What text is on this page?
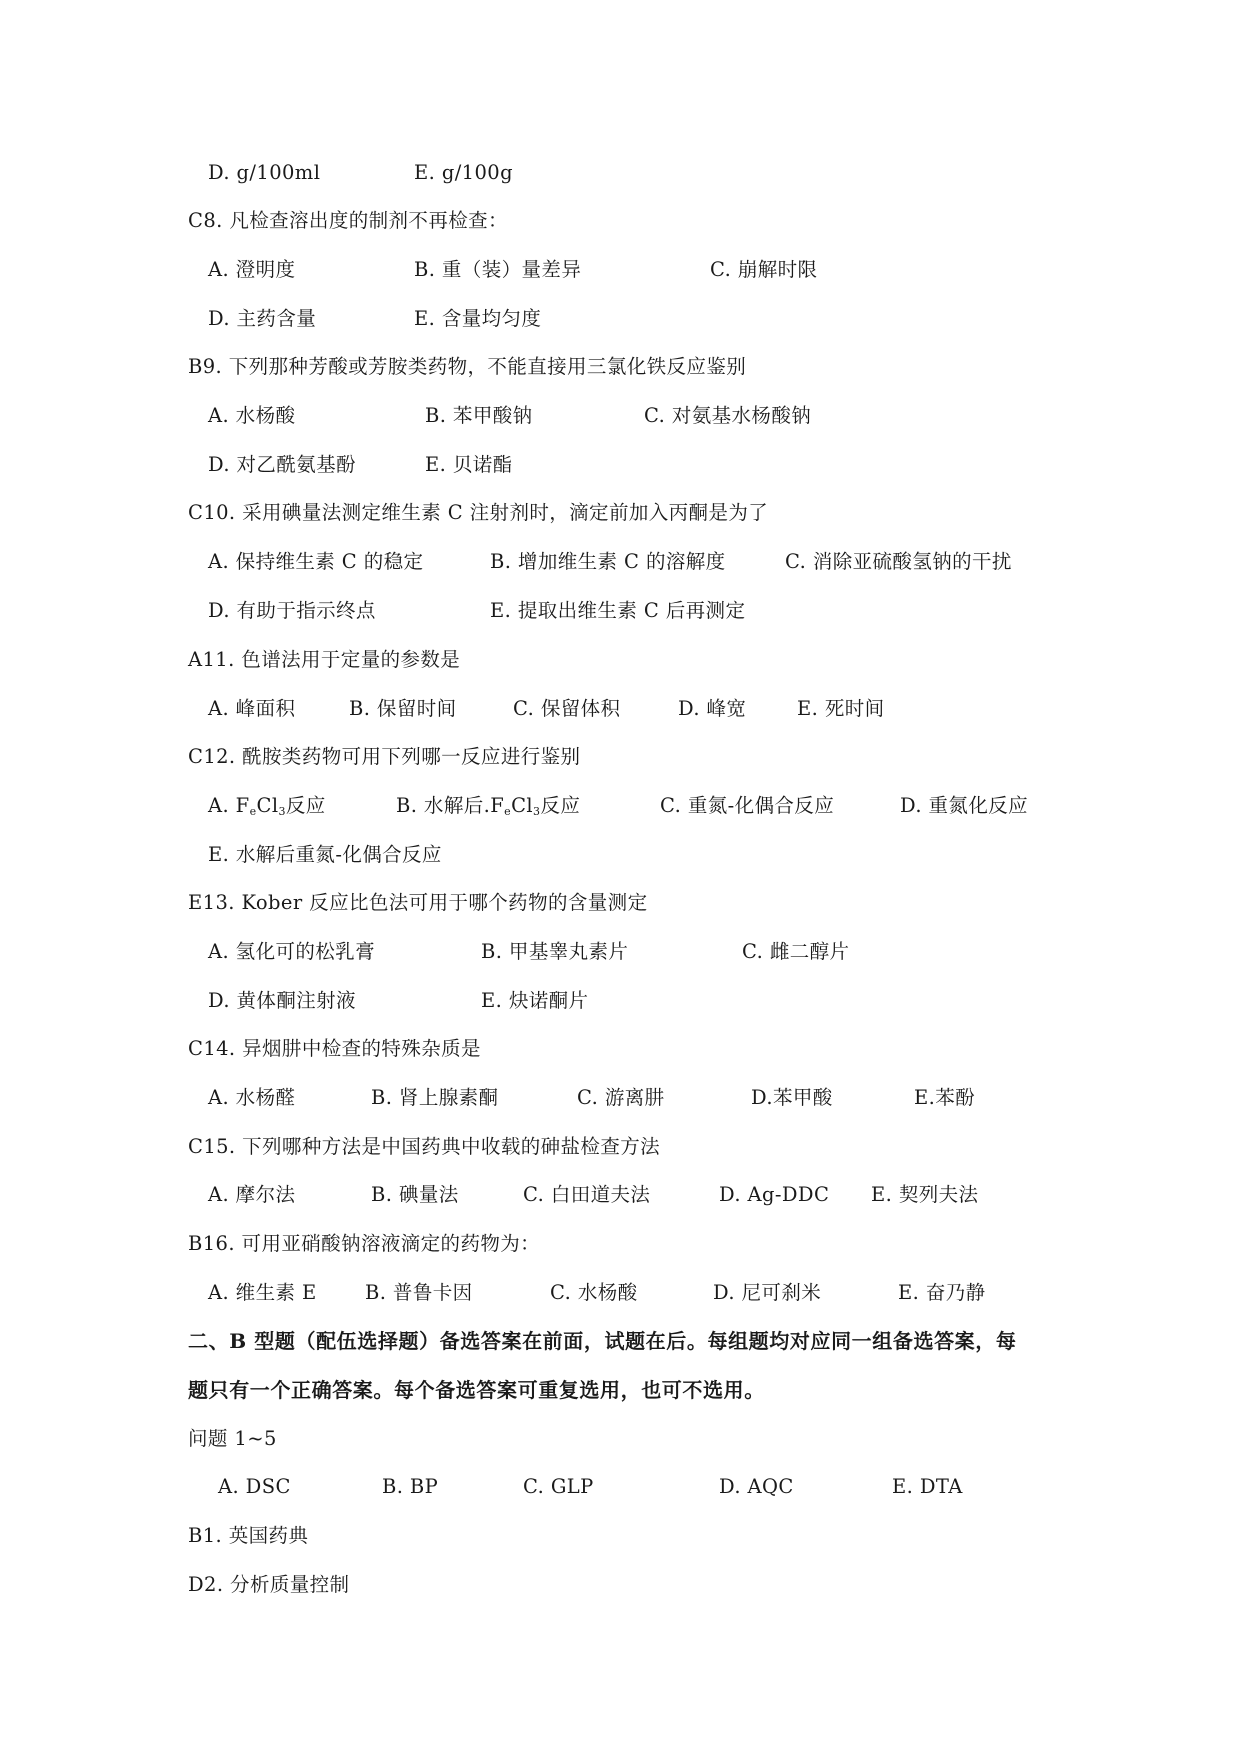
D. g/100ml	E. g/100g
C8. 凡检查溶出度的制剂不再检查：
A. 澄明度	B. 重（装）量差异	C. 崩解时限
D. 主药含量	E. 含量均匀度
B9. 下列那种芳酸或芳胺类药物，不能直接用三氯化铁反应鉴别
A. 水杨酸	B. 苯甲酸钠	C. 对氨基水杨酸钠
D. 对乙酰氨基酚	E. 贝诺酯
C10. 采用碘量法测定维生素 C 注射剂时，滴定前加入丙酮是为了
A. 保持维生素 C 的稳定	B. 增加维生素 C 的溶解度	C. 消除亚硫酸氢钠的干扰
D. 有助于指示终点	E. 提取出维生素 C 后再测定
A11. 色谱法用于定量的参数是
A. 峰面积	B. 保留时间	C. 保留体积	D. 峰宽	E. 死时间
C12. 酰胺类药物可用下列哪一反应进行鉴别
A. $F_eCl_3$反应	B. 水解后$.F_eCl_3$反应	C. 重氮-化偶合反应	D. 重氮化反应
E. 水解后重氮-化偶合反应
E13. Kober 反应比色法可用于哪个药物的含量测定
A. 氢化可的松乳膏	B. 甲基睾丸素片	C. 雌二醇片
D. 黄体酮注射液	E. 炔诺酮片
C14. 异烟肼中检查的特殊杂质是
A. 水杨醛	B. 肾上腺素酮	C. 游离肼	D.苯甲酸	E.苯酚
C15. 下列哪种方法是中国药典中收载的砷盐检查方法
A. 摩尔法	B. 碘量法	C. 白田道夫法	D. Ag-DDC E. 契列夫法
B16. 可用亚硝酸钠溶液滴定的药物为：
A. 维生素 E B. 普鲁卡因	C. 水杨酸	D. 尼可刹米	E. 奋乃静
二、B 型题（配伍选择题）备选答案在前面，试题在后。每组题均对应同一组备选答案，每
题只有一个正确答案。每个备选答案可重复选用，也可不选用。
问题 1~5
A. DSC	B. BP	C. GLP	D. AQC	E. DTA
B1. 英国药典
D2. 分析质量控制
